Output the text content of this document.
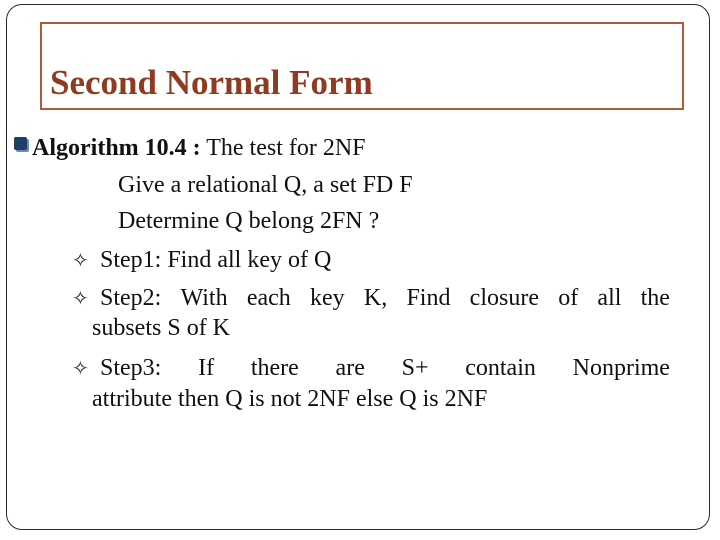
Second Normal Form
Algorithm 10.4 : The test for 2NF
Give a relational Q, a set FD F
Determine Q belong 2FN ?
✧ Step1: Find all key of Q
✧ Step2: With each key K, Find closure of all the
subsets S of K
✧ Step3: If there are S+ contain Nonprime
attribute then Q is not 2NF else Q is 2NF
